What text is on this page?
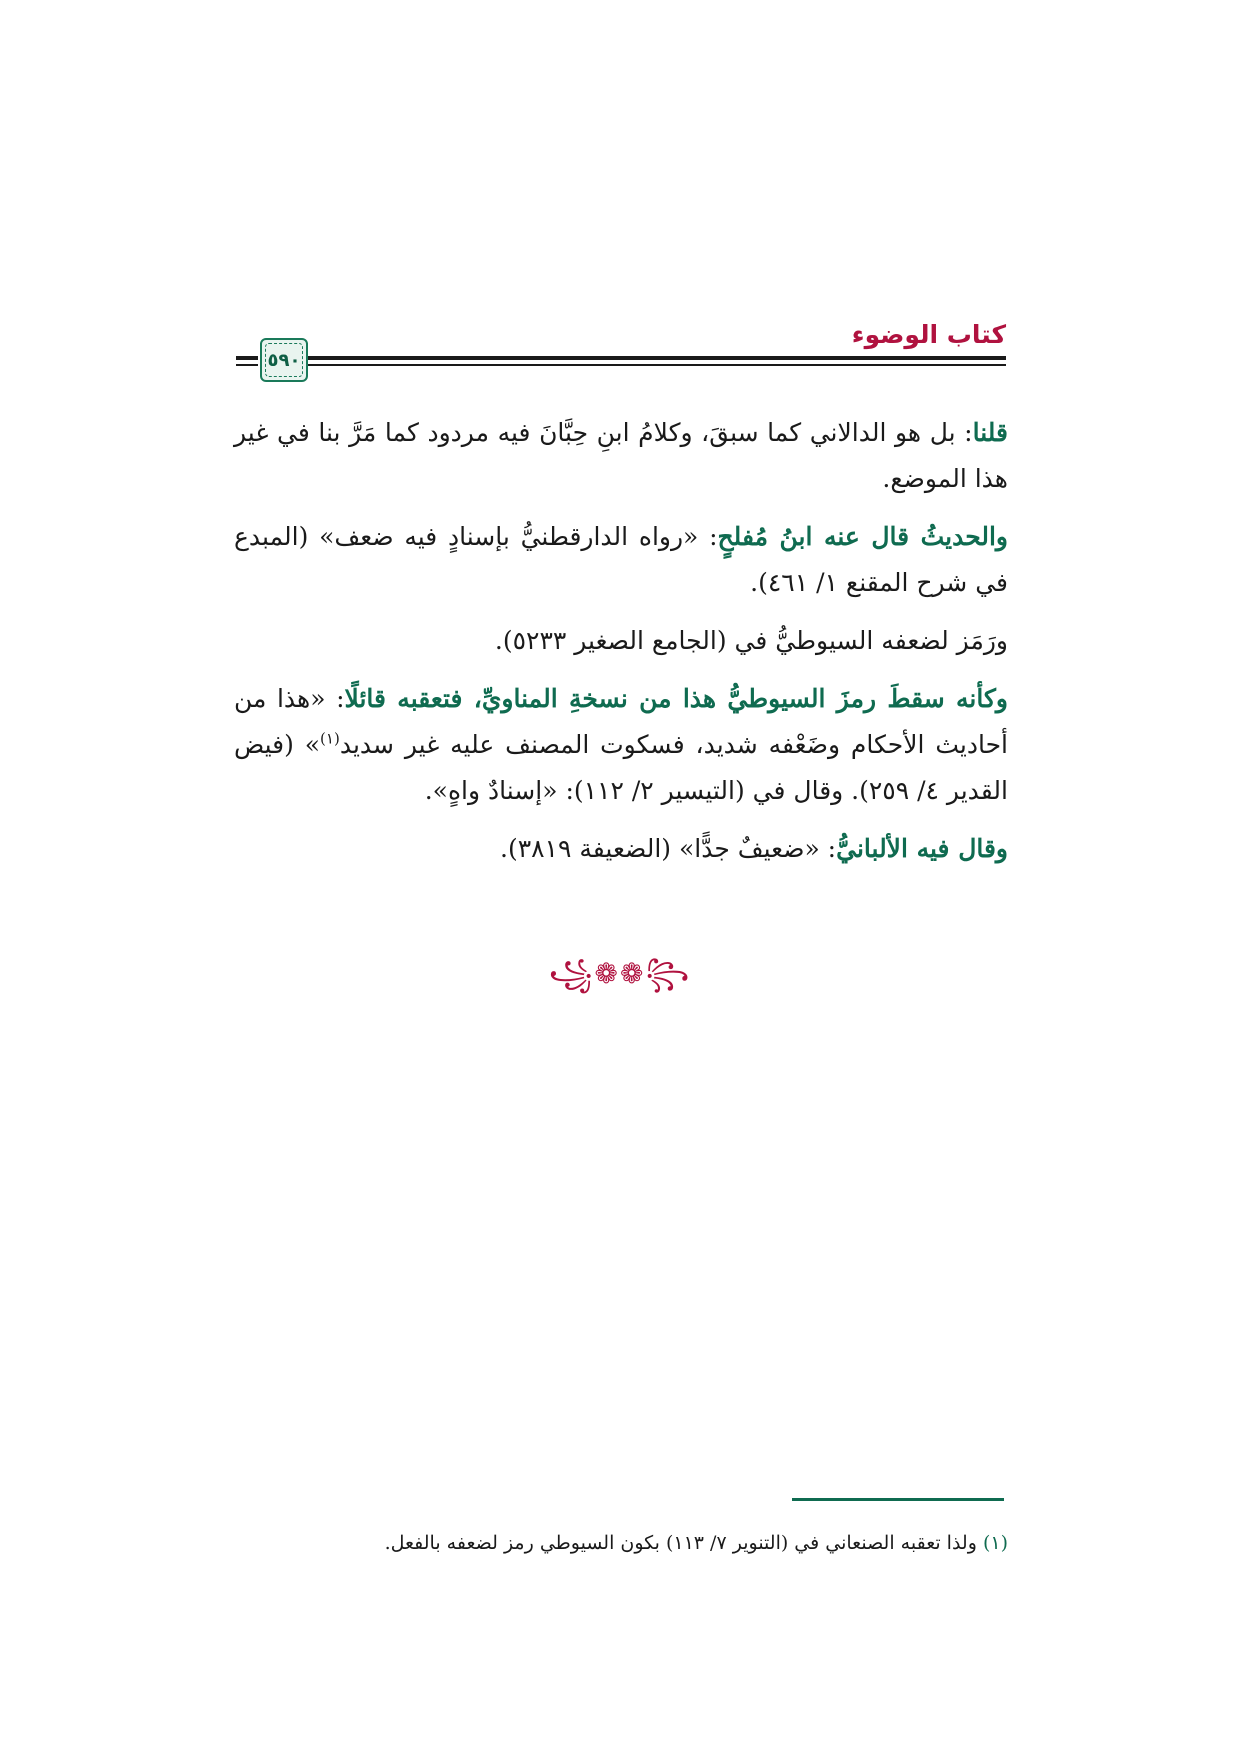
كتاب الوضوء
٥٩٠

قلنا: بل هو الدالاني كما سبقَ، وكلامُ ابنِ حِبَّانَ فيه مردود كما مَرَّ بنا في غير هذا الموضع.

والحديثُ قال عنه ابنُ مُفلحٍ: «رواه الدارقطنيُّ بإسنادٍ فيه ضعف» (المبدع في شرح المقنع ١/ ٤٦١).

ورَمَز لضعفه السيوطيُّ في (الجامع الصغير ٥٢٣٣).

وكأنه سقطَ رمزَ السيوطيُّ هذا من نسخةِ المناويِّ، فتعقبه قائلًا: «هذا من أحاديث الأحكام وضَعْفه شديد، فسكوت المصنف عليه غير سديد$^{(١)}$» (فيض القدير ٤/ ٢٥٩). وقال في (التيسير ٢/ ١١٢): «إسنادٌ واهٍ».

وقال فيه الألبانيُّ: «ضعيفٌ جدًّا» (الضعيفة ٣٨١٩).

꧁❁❁꧂
(١) ولذا تعقبه الصنعاني في (التنوير ٧/ ١١٣) بكون السيوطي رمز لضعفه بالفعل.
